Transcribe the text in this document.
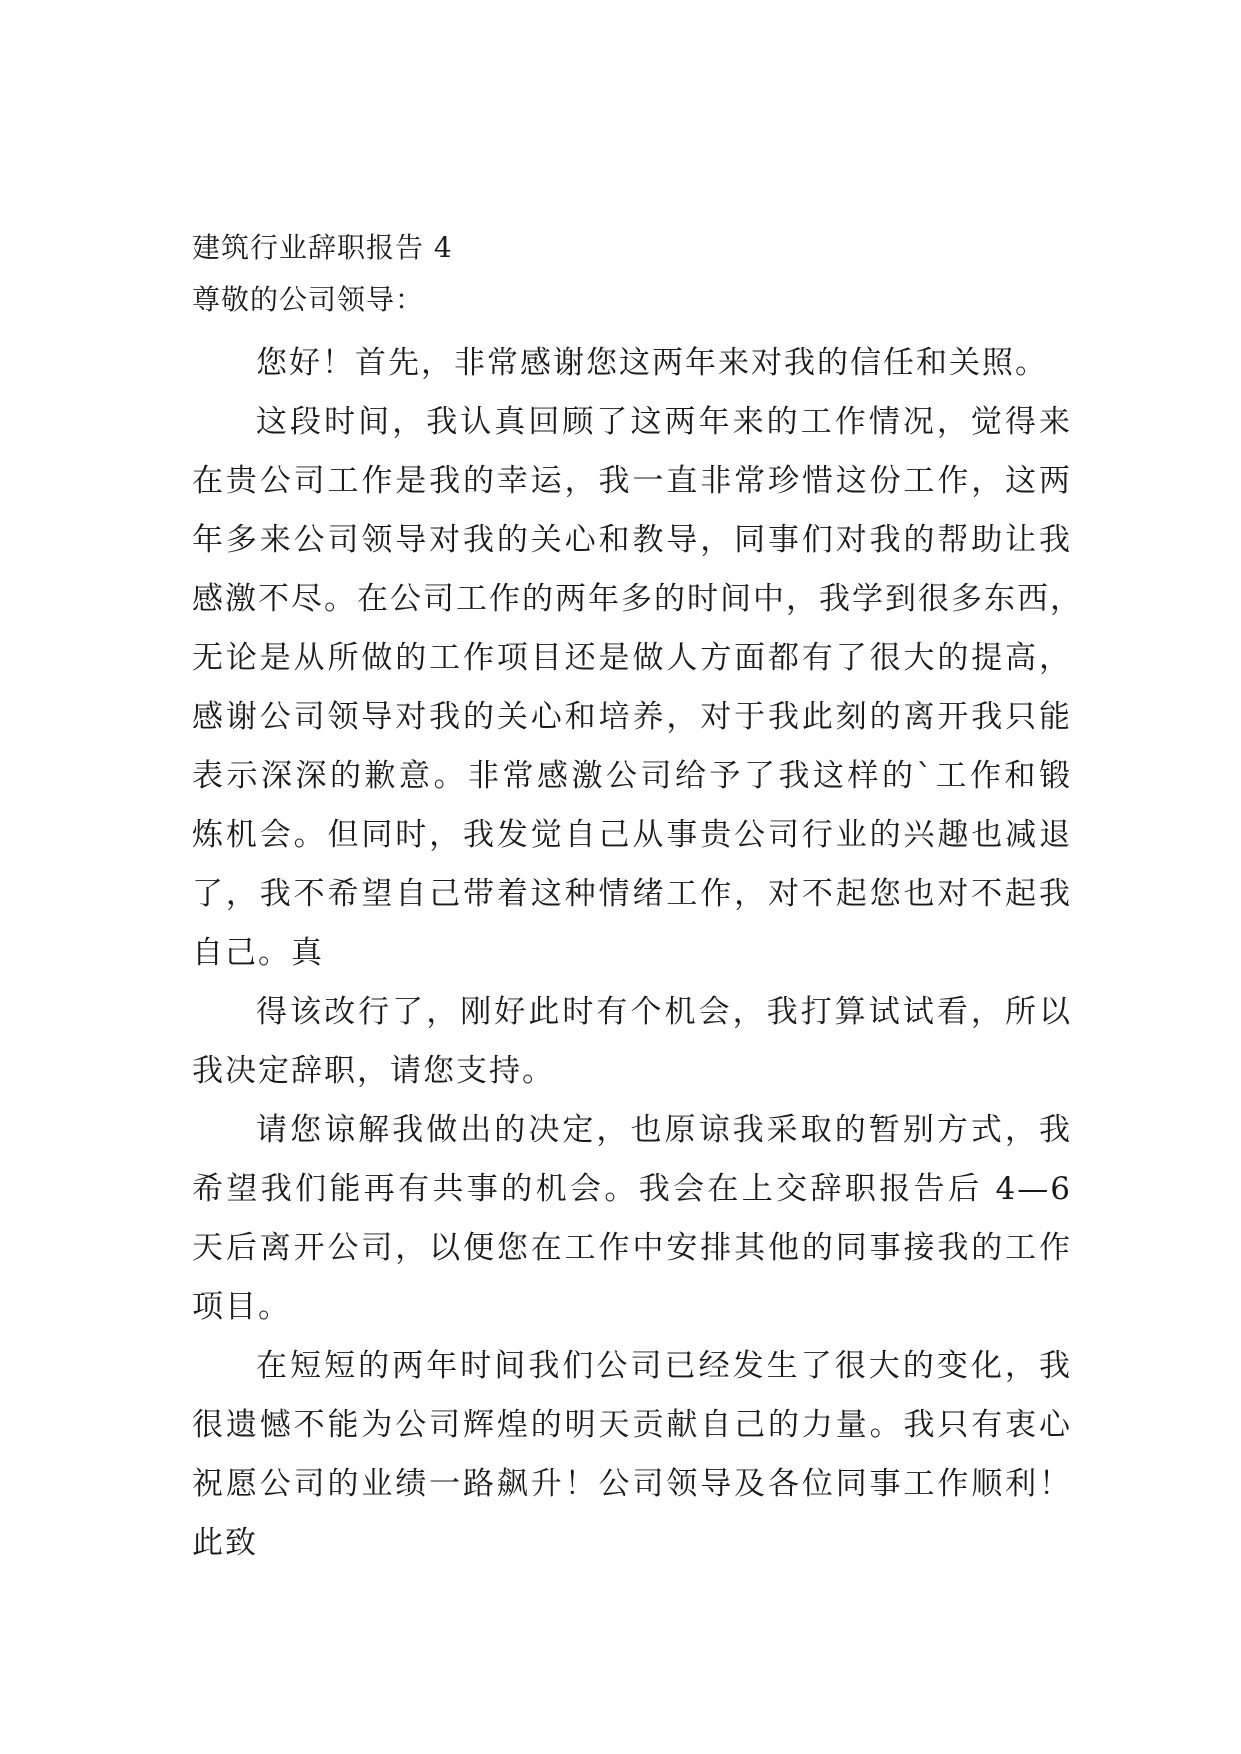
建筑行业辞职报告 4

尊敬的公司领导：

您好！首先，非常感谢您这两年来对我的信任和关照。

这段时间，我认真回顾了这两年来的工作情况，觉得来

在贵公司工作是我的幸运，我一直非常珍惜这份工作，这两

年多来公司领导对我的关心和教导，同事们对我的帮助让我

感激不尽。在公司工作的两年多的时间中，我学到很多东西，

无论是从所做的工作项目还是做人方面都有了很大的提高，

感谢公司领导对我的关心和培养，对于我此刻的离开我只能

表示深深的歉意。非常感激公司给予了我这样的`工作和锻

炼机会。但同时，我发觉自己从事贵公司行业的兴趣也减退

了，我不希望自己带着这种情绪工作，对不起您也对不起我

自己。真

得该改行了，刚好此时有个机会，我打算试试看，所以

我决定辞职，请您支持。

请您谅解我做出的决定，也原谅我采取的暂别方式，我

希望我们能再有共事的机会。我会在上交辞职报告后 4—6

天后离开公司，以便您在工作中安排其他的同事接我的工作

项目。

在短短的两年时间我们公司已经发生了很大的变化，我

很遗憾不能为公司辉煌的明天贡献自己的力量。我只有衷心

祝愿公司的业绩一路飙升！公司领导及各位同事工作顺利！

此致
